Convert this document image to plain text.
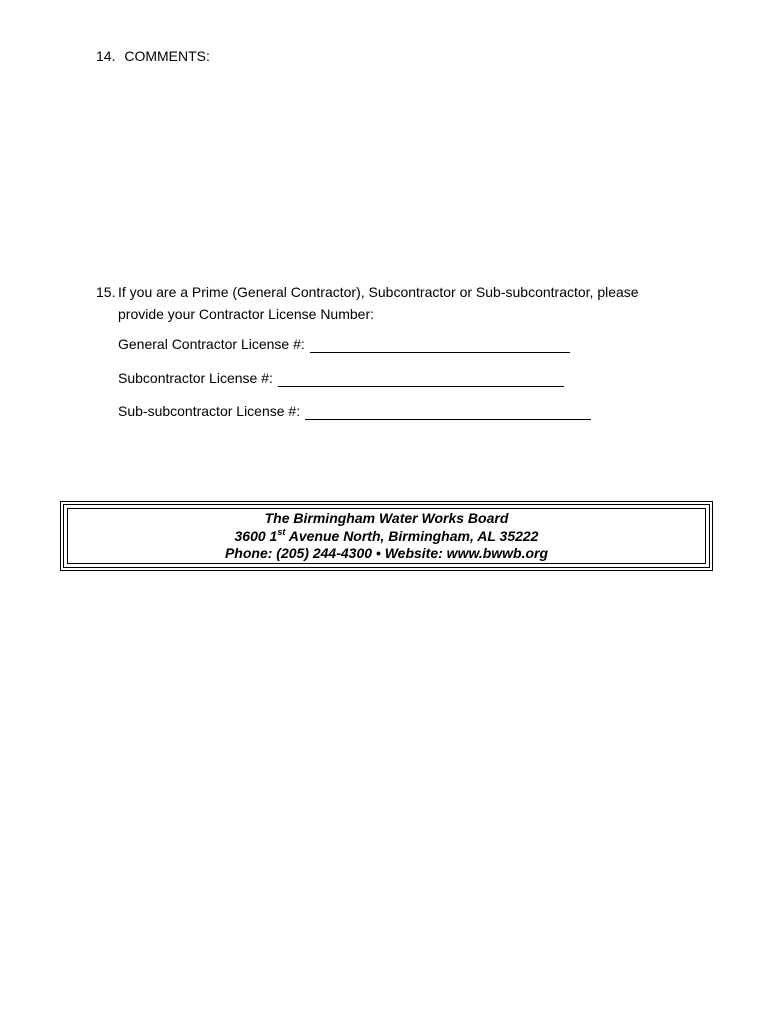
14. COMMENTS:
15. If you are a Prime (General Contractor), Subcontractor or Sub-subcontractor, please
provide your Contractor License Number:
General Contractor License #:
Subcontractor License #:
Sub-subcontractor License #:
The Birmingham Water Works Board
3600 1st Avenue North, Birmingham, AL 35222
Phone: (205) 244-4300 • Website: www.bwwb.org
